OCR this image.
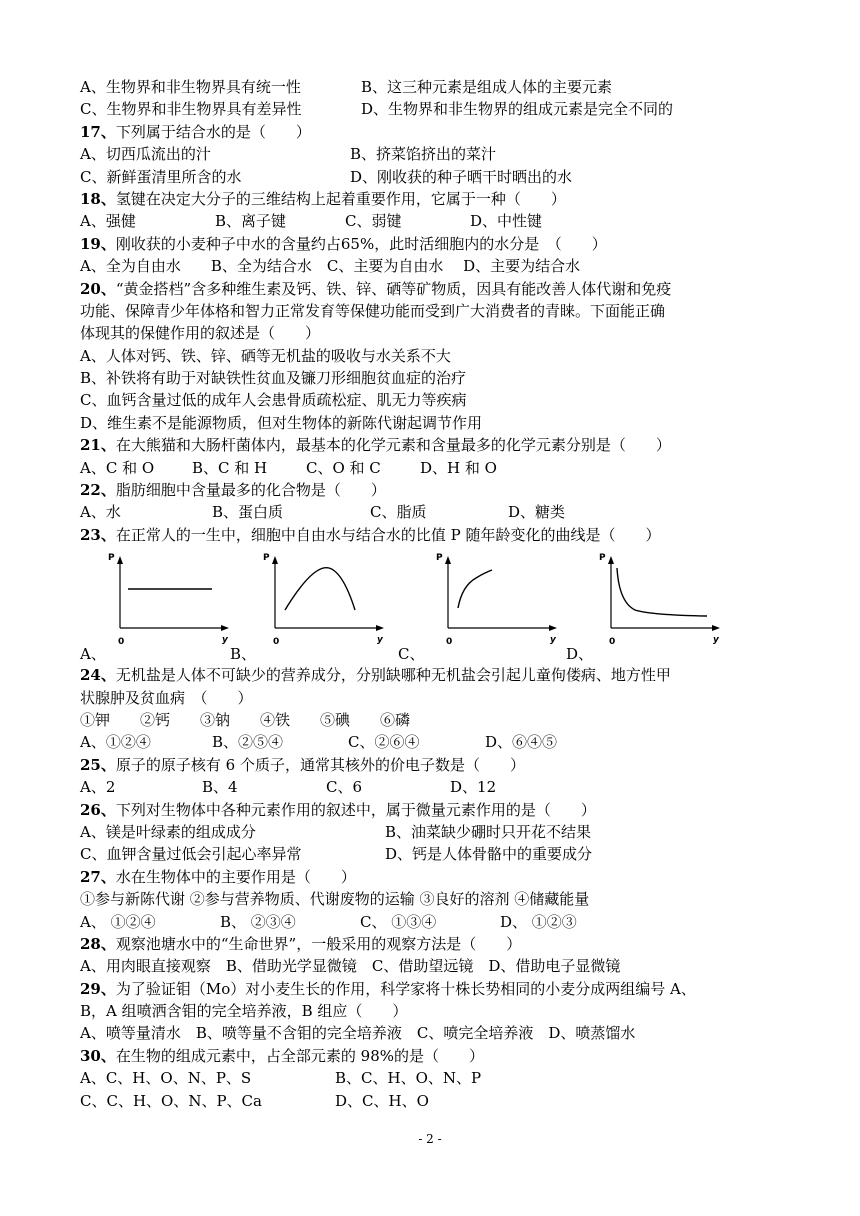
A、生物界和非生物界具有统一性	B、这三种元素是组成人体的主要元素
C、生物界和非生物界具有差异性	D、生物界和非生物界的组成元素是完全不同的
17、下列属于结合水的是（　　）
A、切西瓜流出的汁	B、挤菜馅挤出的菜汁
C、新鲜蛋清里所含的水	D、刚收获的种子晒干时晒出的水
18、氢键在决定大分子的三维结构上起着重要作用，它属于一种（　　）
A、强健	B、离子键	C、弱键	D、中性键
19、刚收获的小麦种子中水的含量约占65%，此时活细胞内的水分是　（　　）
A、全为自由水　　B、全为结合水　C、主要为自由水　 D、主要为结合水
20、“黄金搭档”含多种维生素及钙、铁、锌、硒等矿物质，因具有能改善人体代谢和免疫
功能、保障青少年体格和智力正常发育等保健功能而受到广大消费者的青睐。下面能正确
体现其的保健作用的叙述是（　　）
A、人体对钙、铁、锌、硒等无机盐的吸收与水关系不大
B、补铁将有助于对缺铁性贫血及镰刀形细胞贫血症的治疗
C、血钙含量过低的成年人会患骨质疏松症、肌无力等疾病
D、维生素不是能源物质，但对生物体的新陈代谢起调节作用
21、在大熊猫和大肠杆菌体内，最基本的化学元素和含量最多的化学元素分别是（　　）
A、C 和 O	B、C 和 H	C、O 和 C	D、H 和 O
22、脂肪细胞中含量最多的化合物是（　　）
A、水	B、蛋白质	C、脂质	D、糖类
23、在正常人的一生中，细胞中自由水与结合水的比值 P 随年龄变化的曲线是（　　）
A、
P
0	y
B、
P
0	y
C、
P
0	y
D、
P
0	y
24、无机盐是人体不可缺少的营养成分，分别缺哪种无机盐会引起儿童佝偻病、地方性甲
状腺肿及贫血病　（　　）
①钾　　②钙　　③钠　　④铁　　⑤碘　　⑥磷
A、①②④	B、②⑤④	C、②⑥④	D、⑥④⑤
25、原子的原子核有 6 个质子，通常其核外的价电子数是（　　）
A、2	B、4	C、6	D、12
26、下列对生物体中各种元素作用的叙述中，属于微量元素作用的是（　　）
A、镁是叶绿素的组成成分	B、油菜缺少硼时只开花不结果
C、血钾含量过低会引起心率异常	D、钙是人体骨骼中的重要成分
27、水在生物体中的主要作用是（　　）
①参与新陈代谢 ②参与营养物质、代谢废物的运输 ③良好的溶剂 ④储藏能量
A、 ①②④	B、 ②③④	C、 ①③④	D、 ①②③
28、观察池塘水中的“生命世界”，一般采用的观察方法是（　　）
A、用肉眼直接观察　B、借助光学显微镜　C、借助望远镜　D、借助电子显微镜
29、为了验证钼（Mo）对小麦生长的作用，科学家将十株长势相同的小麦分成两组编号 A、
B，A 组喷洒含钼的完全培养液，B 组应（　　）
A、喷等量清水　B、喷等量不含钼的完全培养液　C、喷完全培养液　D、喷蒸馏水
30、在生物的组成元素中，占全部元素的 98%的是（　　）
A、C、H、O、N、P、S	B、C、H、O、N、P
C、C、H、O、N、P、Ca	D、C、H、O
- 2 -
